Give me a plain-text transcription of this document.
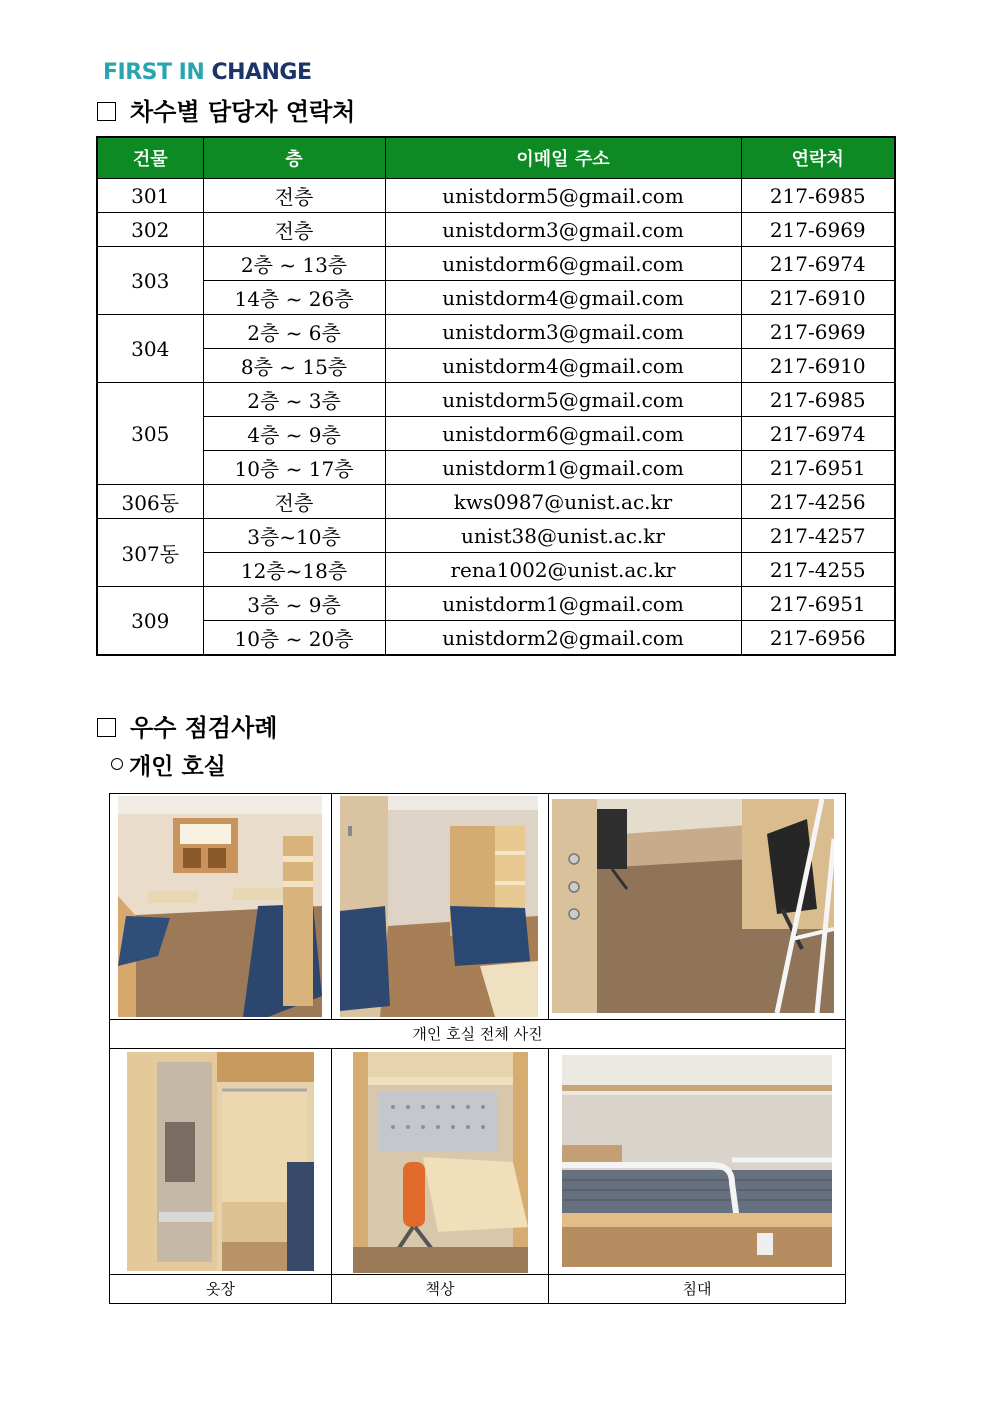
FIRST IN CHANGE
차수별 담당자 연락처
건물	층	이메일 주소	연락처
301	전층	unistdorm5@gmail.com	217-6985
302	전층	unistdorm3@gmail.com	217-6969
303	2층 ~ 13층	unistdorm6@gmail.com	217-6974
	14층 ~ 26층	unistdorm4@gmail.com	217-6910
304	2층 ~ 6층	unistdorm3@gmail.com	217-6969
	8층 ~ 15층	unistdorm4@gmail.com	217-6910
305	2층 ~ 3층	unistdorm5@gmail.com	217-6985
	4층 ~ 9층	unistdorm6@gmail.com	217-6974
	10층 ~ 17층	unistdorm1@gmail.com	217-6951
306동	전층	kws0987@unist.ac.kr	217-4256
307동	3층~10층	unist38@unist.ac.kr	217-4257
	12층~18층	rena1002@unist.ac.kr	217-4255
309	3층 ~ 9층	unistdorm1@gmail.com	217-6951
	10층 ~ 20층	unistdorm2@gmail.com	217-6956
우수 점검사례
개인 호실
개인 호실 전체 사진
옷장	책상	침대
